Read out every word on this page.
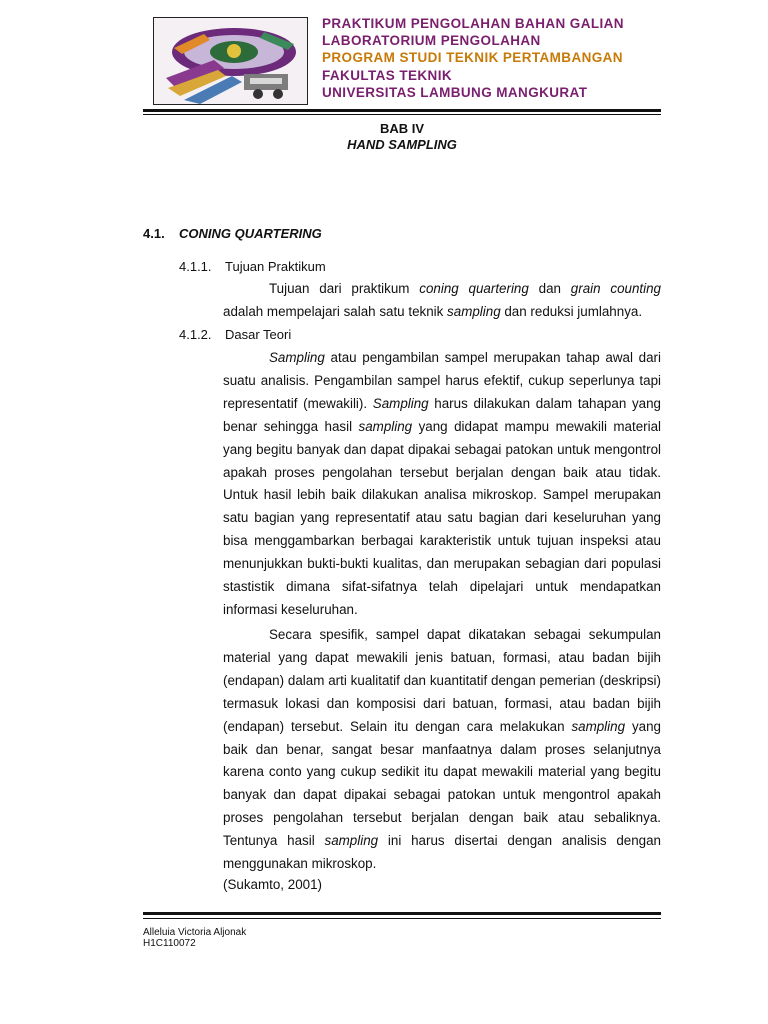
PRAKTIKUM PENGOLAHAN BAHAN GALIAN
LABORATORIUM PENGOLAHAN
PROGRAM STUDI TEKNIK PERTAMBANGAN
FAKULTAS TEKNIK
UNIVERSITAS LAMBUNG MANGKURAT
BAB IV
HAND SAMPLING
4.1. CONING QUARTERING
4.1.1. Tujuan Praktikum

Tujuan dari praktikum coning quartering dan grain counting adalah mempelajari salah satu teknik sampling dan reduksi jumlahnya.

4.1.2. Dasar Teori

Sampling atau pengambilan sampel merupakan tahap awal dari suatu analisis. Pengambilan sampel harus efektif, cukup seperlunya tapi representatif (mewakili). Sampling harus dilakukan dalam tahapan yang benar sehingga hasil sampling yang didapat mampu mewakili material yang begitu banyak dan dapat dipakai sebagai patokan untuk mengontrol apakah proses pengolahan tersebut berjalan dengan baik atau tidak. Untuk hasil lebih baik dilakukan analisa mikroskop. Sampel merupakan satu bagian yang representatif atau satu bagian dari keseluruhan yang bisa menggambarkan berbagai karakteristik untuk tujuan inspeksi atau menunjukkan bukti-bukti kualitas, dan merupakan sebagian dari populasi stastistik dimana sifat-sifatnya telah dipelajari untuk mendapatkan informasi keseluruhan.

Secara spesifik, sampel dapat dikatakan sebagai sekumpulan material yang dapat mewakili jenis batuan, formasi, atau badan bijih (endapan) dalam arti kualitatif dan kuantitatif dengan pemerian (deskripsi) termasuk lokasi dan komposisi dari batuan, formasi, atau badan bijih (endapan) tersebut. Selain itu dengan cara melakukan sampling yang baik dan benar, sangat besar manfaatnya dalam proses selanjutnya karena conto yang cukup sedikit itu dapat mewakili material yang begitu banyak dan dapat dipakai sebagai patokan untuk mengontrol apakah proses pengolahan tersebut berjalan dengan baik atau sebaliknya. Tentunya hasil sampling ini harus disertai dengan analisis dengan menggunakan mikroskop.

(Sukamto, 2001)
Alleluia Victoria Aljonak
H1C110072
